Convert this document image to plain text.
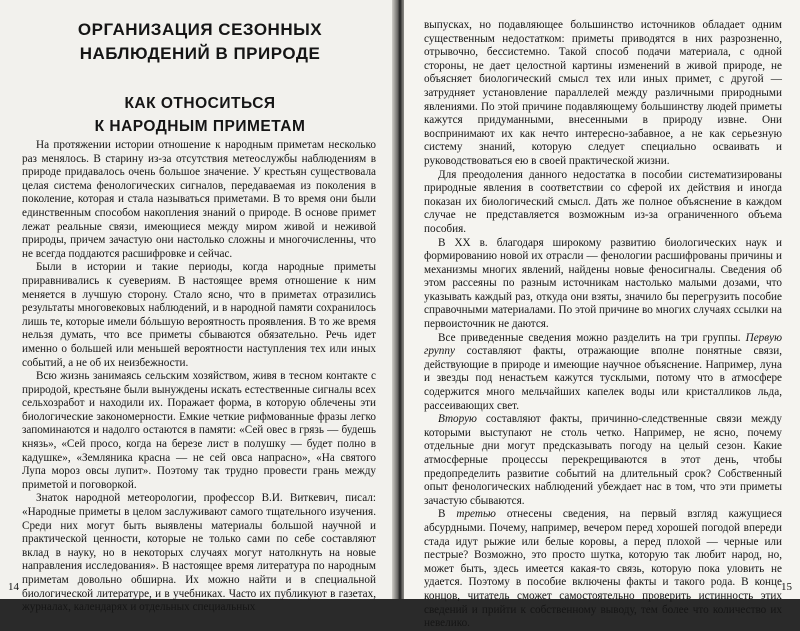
ОРГАНИЗАЦИЯ СЕЗОННЫХ
НАБЛЮДЕНИЙ В ПРИРОДЕ
КАК ОТНОСИТЬСЯ
К НАРОДНЫМ ПРИМЕТАМ

На протяжении истории отношение к народным приметам несколько раз менялось. В старину из-за отсутствия метеослужбы наблюдениям в природе придавалось очень большое значение. У крестьян существовала целая система фенологических сигналов, передаваемая из поколения в поколение, которая и стала называться приметами. В то время они были единственным способом накопления знаний о природе. В основе примет лежат реальные связи, имеющиеся между миром живой и неживой природы, причем зачастую они настолько сложны и многочисленны, что не всегда поддаются расшифровке и сейчас.

Были в истории и такие периоды, когда народные приметы приравнивались к суевериям. В настоящее время отношение к ним меняется в лучшую сторону. Стало ясно, что в приметах отразились результаты многовековых наблюдений, и в народной памяти сохранилось лишь те, которые имели бóльшую вероятность проявления. В то же время нельзя думать, что все приметы сбываются обязательно. Речь идет именно о большей или меньшей вероятности наступления тех или иных событий, а не об их неизбежности.

Всю жизнь занимаясь сельским хозяйством, живя в тесном контакте с природой, крестьяне были вынуждены искать естественные сигналы всех сельхозработ и находили их. Поражает форма, в которую облечены эти биологические закономерности. Емкие четкие рифмованные фразы легко запоминаются и надолго остаются в памяти: «Сей овес в грязь — будешь князь», «Сей просо, когда на березе лист в полушку — будет полно в кадушке», «Земляника красна — не сей овса напрасно», «На святого Лупа мороз овсы лупит». Поэтому так трудно провести грань между приметой и поговоркой.

Знаток народной метеорологии, профессор В.И. Виткевич, писал: «Народные приметы в целом заслуживают самого тщательного изучения. Среди них могут быть выявлены материалы большой научной и практической ценности, которые не только сами по себе составляют вклад в науку, но в некоторых случаях могут натолкнуть на новые направления исследования». В настоящее время литература по народным приметам довольно обширна. Их можно найти и в специальной биологической литературе, и в учебниках. Часто их публикуют в газетах, журналах, календарях и отдельных специальных

14

выпусках, но подавляющее большинство источников обладает одним существенным недостатком: приметы приводятся в них разрозненно, отрывочно, бессистемно. Такой способ подачи материала, с одной стороны, не дает целостной картины изменений в живой природе, не объясняет биологический смысл тех или иных примет, с другой — затрудняет установление параллелей между различными природными явлениями. По этой причине подавляющему большинству людей приметы кажутся придуманными, внесенными в природу извне. Они воспринимают их как нечто интересно-забавное, а не как серьезную систему знаний, которую следует специально осваивать и руководствоваться ею в своей практической жизни.

Для преодоления данного недостатка в пособии систематизированы природные явления в соответствии со сферой их действия и иногда показан их биологический смысл. Дать же полное объяснение в каждом случае не представляется возможным из-за ограниченного объема пособия.

В XX в. благодаря широкому развитию биологических наук и формированию новой их отрасли — фенологии расшифрованы причины и механизмы многих явлений, найдены новые феносигналы. Сведения об этом рассеяны по разным источникам настолько малыми дозами, что указывать каждый раз, откуда они взяты, значило бы перегрузить пособие справочными материалами. По этой причине во многих случаях ссылки на первоисточник не даются.

Все приведенные сведения можно разделить на три группы. Первую группу составляют факты, отражающие вполне понятные связи, действующие в природе и имеющие научное объяснение. Например, луна и звезды под ненастьем кажутся тусклыми, потому что в атмосфере содержится много мельчайших капелек воды или кристалликов льда, рассеивающих свет.

Вторую составляют факты, причинно-следственные связи между которыми выступают не столь четко. Например, не ясно, почему отдельные дни могут предсказывать погоду на целый сезон. Какие атмосферные процессы перекрещиваются в этот день, чтобы предопределить развитие событий на длительный срок? Собственный опыт фенологических наблюдений убеждает нас в том, что эти приметы зачастую сбываются.

В третью отнесены сведения, на первый взгляд кажущиеся абсурдными. Почему, например, вечером перед хорошей погодой впереди стада идут рыжие или белые коровы, а перед плохой — черные или пестрые? Возможно, это просто шутка, которую так любит народ, но, может быть, здесь имеется какая-то связь, которую пока уловить не удается. Поэтому в пособие включены факты и такого рода. В конце концов, читатель сможет самостоятельно проверить истинность этих сведений и прийти к собственному выводу, тем более что количество их невелико.

15
